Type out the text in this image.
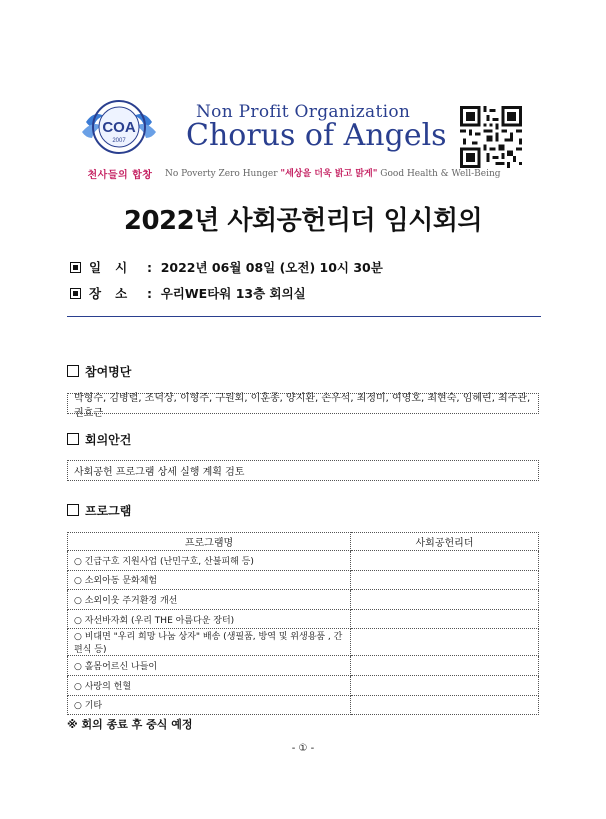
COA
2007
천사들의 합창
Non Profit Organization
Chorus of Angels
No Poverty Zero Hunger "세상을 더욱 밝고 맑게" Good Health & Well-Being
2022년 사회공헌리더 임시회의
일시 : 2022년 06월 08일 (오전) 10시 30분
장소 : 우리WE타워 13층 회의실
참여명단
박형수, 김병렬, 조덕상, 이형주, 구원회, 이훈종, 양지환, 손우석, 최정미, 여영호, 최현숙, 임혜린, 최주관, 권효근
회의안건
사회공헌 프로그램 상세 실행 계획 검토
프로그램
프로그램명	사회공헌리더
○ 긴급구호 지원사업 (난민구호, 산불피해 등)	
○ 소외아동 문화체험	
○ 소외이웃 주거환경 개선	
○ 자선바자회 (우리 THE 아름다운 장터)	
○ 비대면 "우리 희망 나눔 상자" 배송 (생필품, 방역 및 위생용품 , 간편식 등)	
○ 홀몸어르신 나들이	
○ 사랑의 헌혈	
○ 기타	
※ 회의 종료 후 중식 예정
- ① -
